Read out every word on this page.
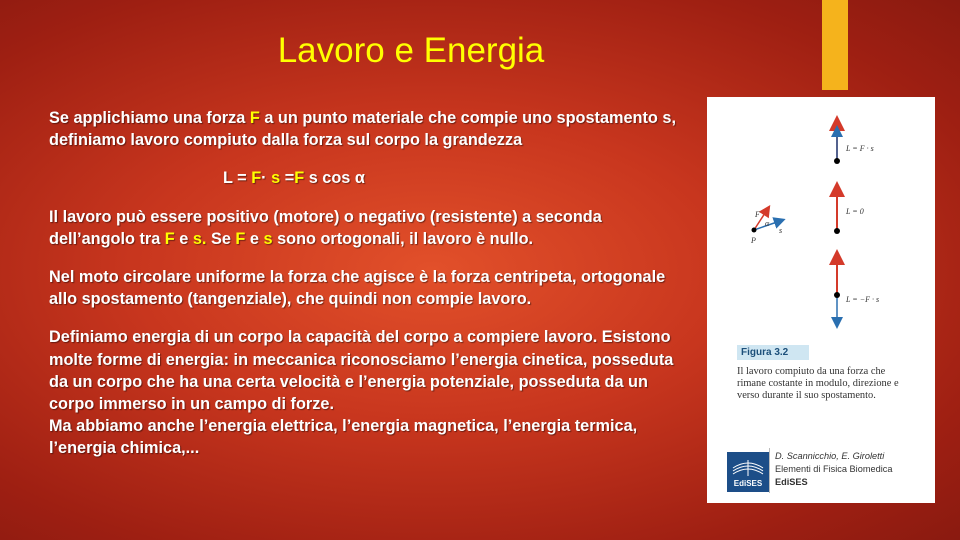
Lavoro e Energia

Se applichiamo una forza F a un punto materiale che compie uno spostamento s, definiamo lavoro compiuto dalla forza sul corpo la grandezza

L = F· s =F s cos α

Il lavoro può essere positivo (motore) o negativo (resistente) a seconda dell’angolo tra F e s. Se F e s sono ortogonali, il lavoro è nullo.

Nel moto circolare uniforme la forza che agisce è la forza centripeta, ortogonale allo spostamento (tangenziale), che quindi non compie lavoro.

Definiamo energia di un corpo la capacità del corpo a compiere lavoro. Esistono molte forme di energia: in meccanica riconosciamo l’energia cinetica, posseduta da un corpo che ha una certa velocità e l’energia potenziale, posseduta da un corpo immerso in un campo di forze.

Ma abbiamo anche l’energia elettrica, l’energia magnetica, l’energia termica, l’energia chimica,...

L = F · s
L = 0
F
α
P
s
L = −F · s
Figura 3.2
Il lavoro compiuto da una forza che rimane costante in modulo, direzione e verso durante il suo spostamento.
EdiSES
D. Scannicchio, E. Giroletti
Elementi di Fisica Biomedica
EdiSES
